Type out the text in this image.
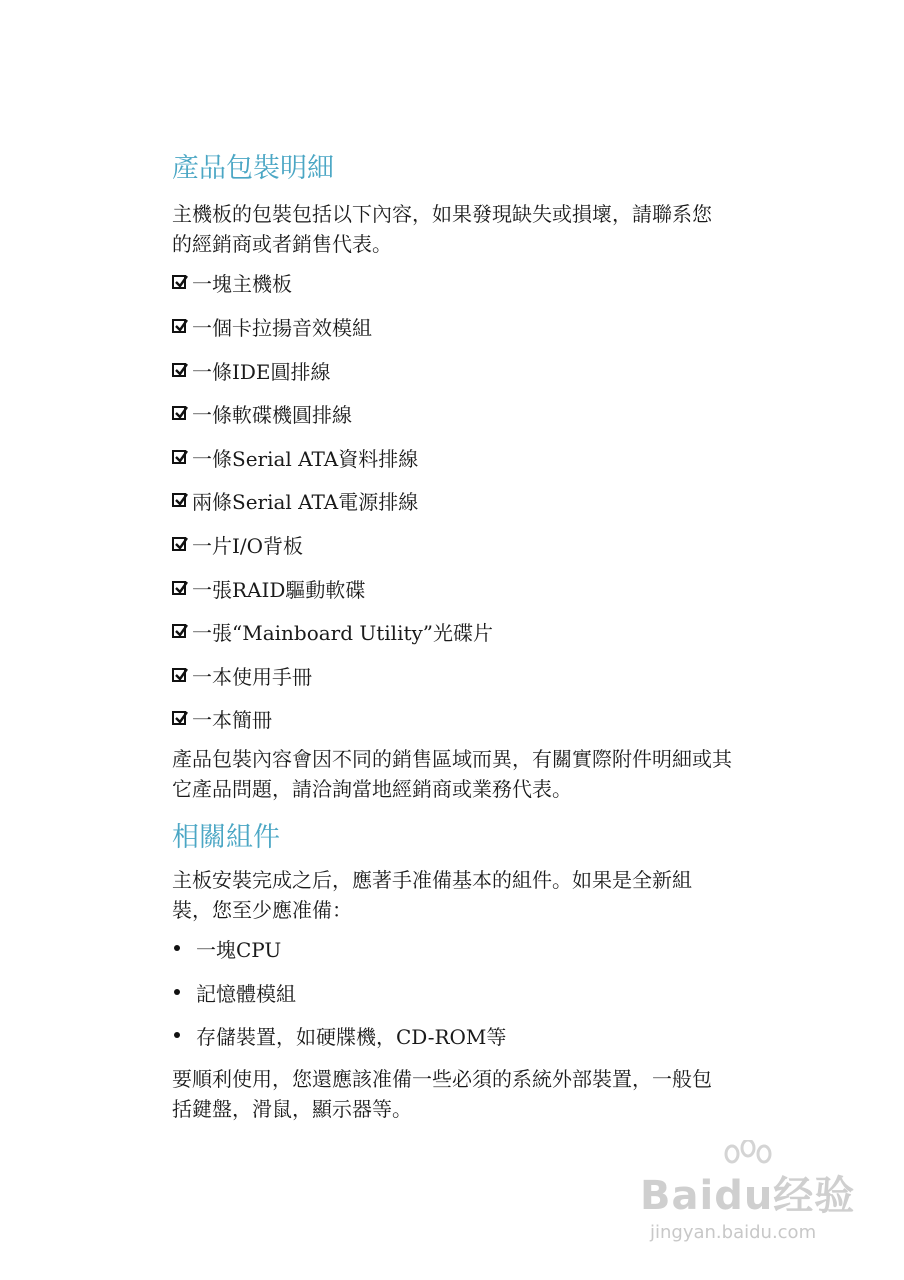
產品包裝明細

主機板的包裝包括以下內容，如果發現缺失或損壞，請聯系您
的經銷商或者銷售代表。

一塊主機板
一個卡拉揚音效模組
一條IDE圓排線
一條軟碟機圓排線
一條Serial ATA資料排線
兩條Serial ATA電源排線
一片I/O背板
一張RAID驅動軟碟
一張“Mainboard Utility”光碟片
一本使用手冊
一本簡冊

產品包裝內容會因不同的銷售區域而異，有關實際附件明細或其
它產品問題，請洽詢當地經銷商或業務代表。

相關組件

主板安裝完成之后，應著手准備基本的組件。如果是全新組
裝，您至少應准備：

一塊CPU
記憶體模組
存儲裝置，如硬牒機，CD-ROM等

要順利使用，您還應該准備一些必須的系統外部裝置，一般包
括鍵盤，滑鼠，顯示器等。

Baidu经验
jingyan.baidu.com
